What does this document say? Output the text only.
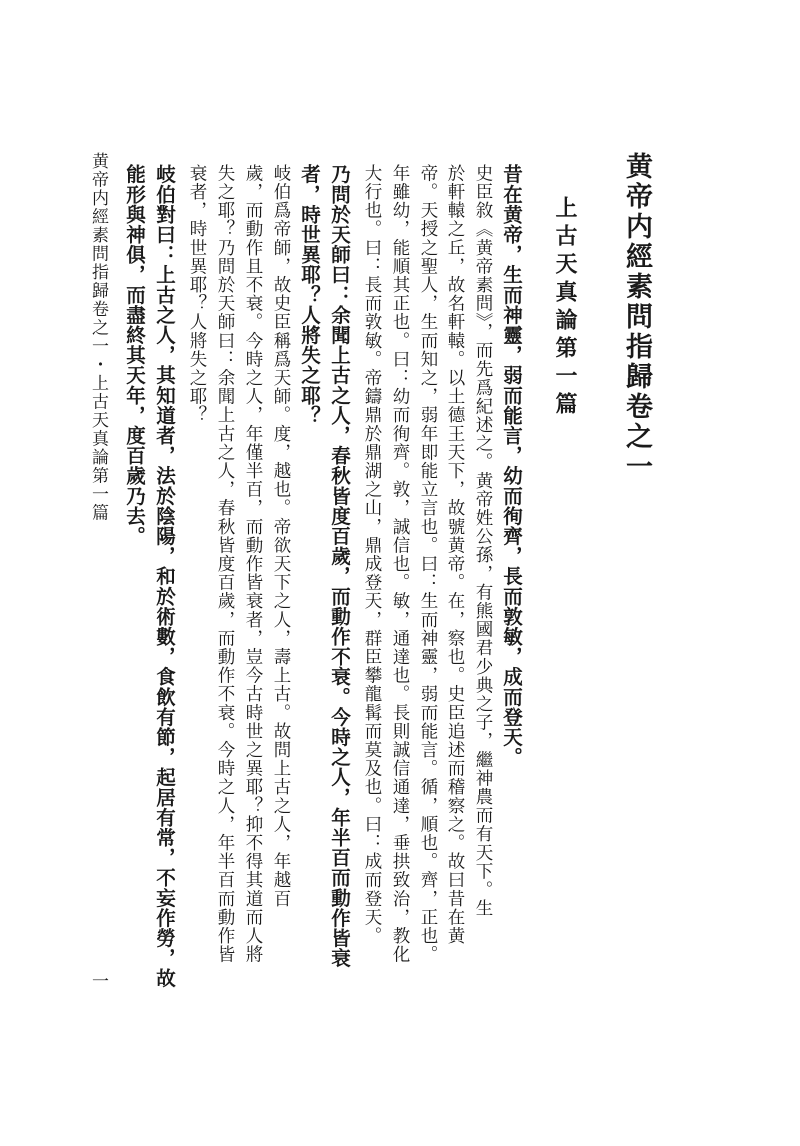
黄帝内經素問指歸卷之一
上古天真論第一篇
昔在黄帝，生而神靈，弱而能言，幼而徇齊，長而敦敏，成而登天。
史臣敘《黄帝素問》，而先爲紀述之。黄帝姓公孫，有熊國君少典之子，繼神農而有天下。生
於軒轅之丘，故名軒轅。以土德王天下，故號黄帝。在，察也。史臣追述而稽察之。故曰昔在黄
帝。天授之聖人，生而知之，弱年即能立言也。曰：生而神靈，弱而能言。循，順也。齊，正也。
年雖幼，能順其正也。曰：幼而徇齊。敦，誠信也。敏，通達也。長則誠信通達，垂拱致治，教化
大行也。曰：長而敦敏。帝鑄鼎於鼎湖之山，鼎成登天，群臣攀龍髯而莫及也。曰：成而登天。
乃問於天師曰：余聞上古之人，春秋皆度百歲，而動作不衰。今時之人，年半百而動作皆衰
者，時世異耶？人將失之耶？
岐伯爲帝師，故史臣稱爲天師。度，越也。帝欲天下之人，壽上古。故問上古之人，年越百
歲，而動作且不衰。今時之人，年僅半百，而動作皆衰者，豈今古時世之異耶？抑不得其道而人將
失之耶？乃問於天師曰：余聞上古之人，春秋皆度百歲，而動作不衰。今時之人，年半百而動作皆
衰者，時世異耶？人將失之耶？
岐伯對曰：上古之人，其知道者，法於陰陽，和於術數，食飲有節，起居有常，不妄作勞，故
能形與神俱，而盡終其天年，度百歲乃去。
黄帝内經素問指歸卷之一・上古天真論第一篇
一
